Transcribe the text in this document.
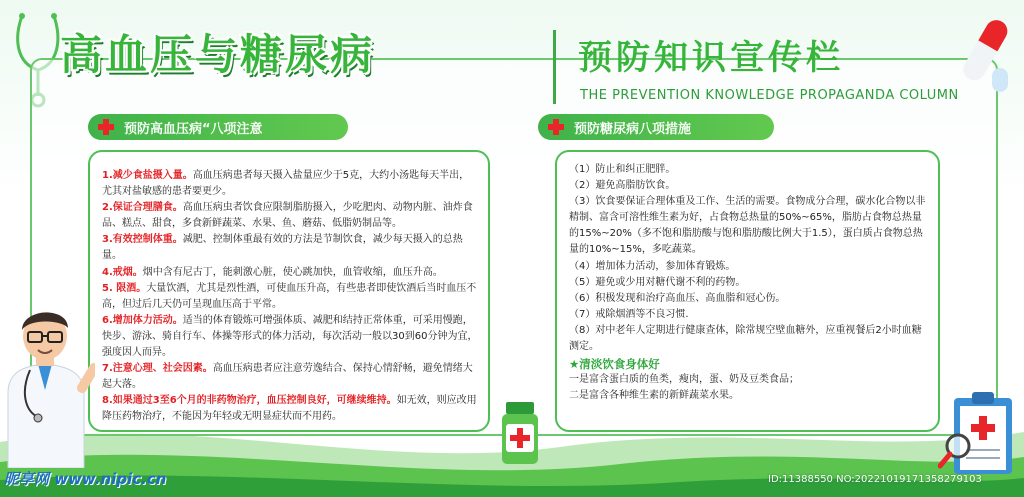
高血压与糖尿病	预防知识宣传栏
THE PREVENTION KNOWLEDGE PROPAGANDA COLUMN
预防高血压病“八项注意	预防糖尿病八项措施

1.减少食盐摄入量。高血压病患者每天摄入盐量应少于5克，大约小汤匙每天半出，尤其对盐敏感的患者要更少。

2.保证合理膳食。高血压病虫者饮食应限制脂肪摄入，少吃肥肉、动物内脏、油炸食品、糕点、甜食，多食新鲜蔬菜、水果、鱼、蘑菇、低脂奶制品等。

3.有效控制体重。减肥、控制体重最有效的方法是节制饮食，减少每天摄入的总热量。

4.戒烟。烟中含有尼古丁，能刺激心脏，使心跳加快，血管收缩，血压升高。

5. 限酒。大量饮酒，尤其是烈性酒，可使血压升高，有些患者即使饮酒后当时血压不高，但过后几天仍可呈现血压高于平常。

6.增加体力活动。适当的体育锻炼可增强体质、减肥和结持正常体重，可采用慢跑，快步、游泳、骑自行车、体操等形式的体力活动，每次活动一般以30到60分钟为宜，强度因人而异。

7.注意心理、社会因素。高血压病患者应注意劳逸结合、保持心情舒畅，避免情绪大起大落。

8.如果通过3至6个月的非药物治疗，血压控制良好，可继续维持。如无效，则应改用降压药物治疗，不能因为年轻或无明显症状而不用药。

（1）防止和纠正肥胖。

（2）避免高脂肪饮食。

（3）饮食要保证合理体重及工作、生活的需要。食物成分合理，碳水化合物以非精制、富含可溶性维生素为好，占食物总热量的50%~65%，脂肪占食物总热量的15%~20%（多不饱和脂肪酸与饱和脂肪酸比例大于1.5），蛋白质占食物总热量的10%~15%，多吃蔬菜。

（4）增加体力活动，参加体育锻炼。

（5）避免或少用对糖代谢不利的药物。

（6）积极发现和治疗高血压、高血脂和冠心伤。

（7）戒除烟酒等不良习惯.

（8）对中老年人定期进行健康查体，除常规空壁血糖外，应重视餐后2小时血糖测定。

★清淡饮食身体好

一是富含蛋白质的鱼类，瘦肉，蛋、奶及豆类食品；

二是富含各种维生素的新鲜蔬菜水果。

昵享网 www.nipic.cn	ID:11388550 NO:20221019171358279103
